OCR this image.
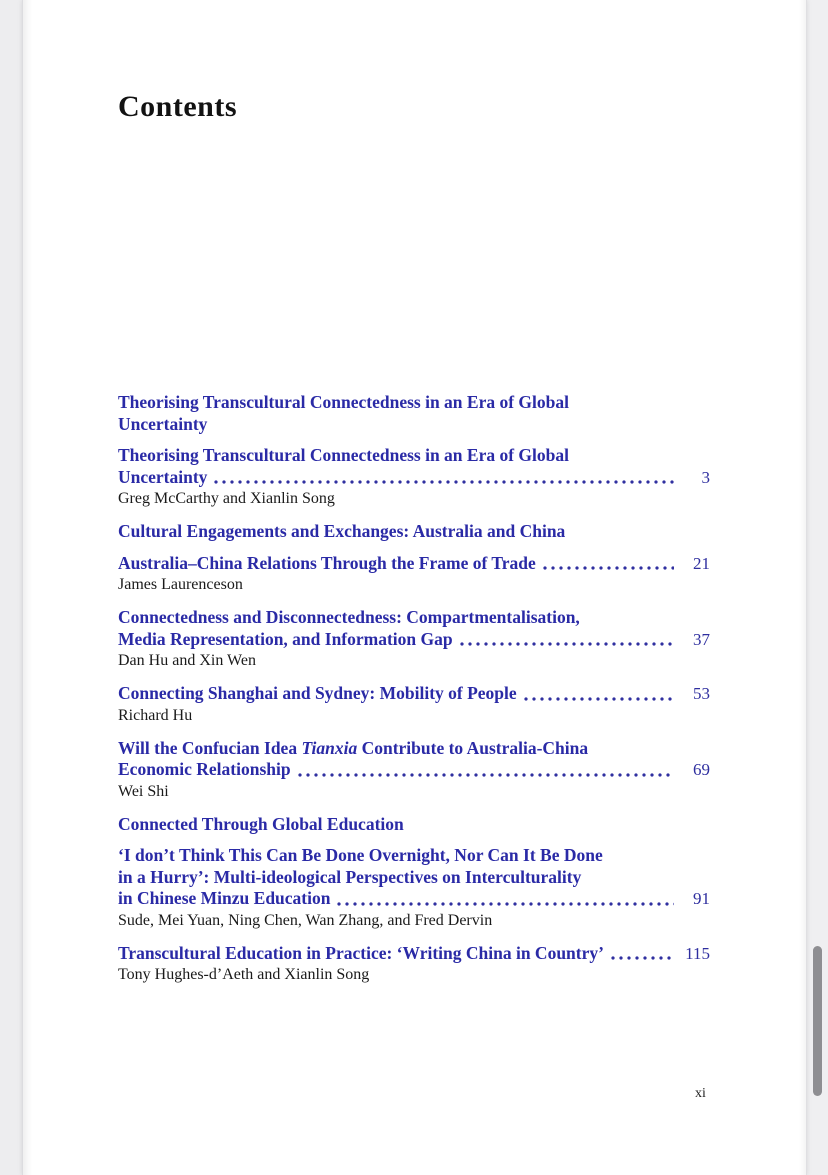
Contents
Theorising Transcultural Connectedness in an Era of Global
Uncertainty
Theorising Transcultural Connectedness in an Era of Global
Uncertainty	3
Greg McCarthy and Xianlin Song
Cultural Engagements and Exchanges: Australia and China
Australia–China Relations Through the Frame of Trade	21
James Laurenceson
Connectedness and Disconnectedness: Compartmentalisation,
Media Representation, and Information Gap	37
Dan Hu and Xin Wen
Connecting Shanghai and Sydney: Mobility of People	53
Richard Hu
Will the Confucian Idea Tianxia Contribute to Australia-China
Economic Relationship	69
Wei Shi
Connected Through Global Education
‘I don’t Think This Can Be Done Overnight, Nor Can It Be Done
in a Hurry’: Multi-ideological Perspectives on Interculturality
in Chinese Minzu Education	91
Sude, Mei Yuan, Ning Chen, Wan Zhang, and Fred Dervin
Transcultural Education in Practice: ‘Writing China in Country’	115
Tony Hughes-d’Aeth and Xianlin Song
xi
